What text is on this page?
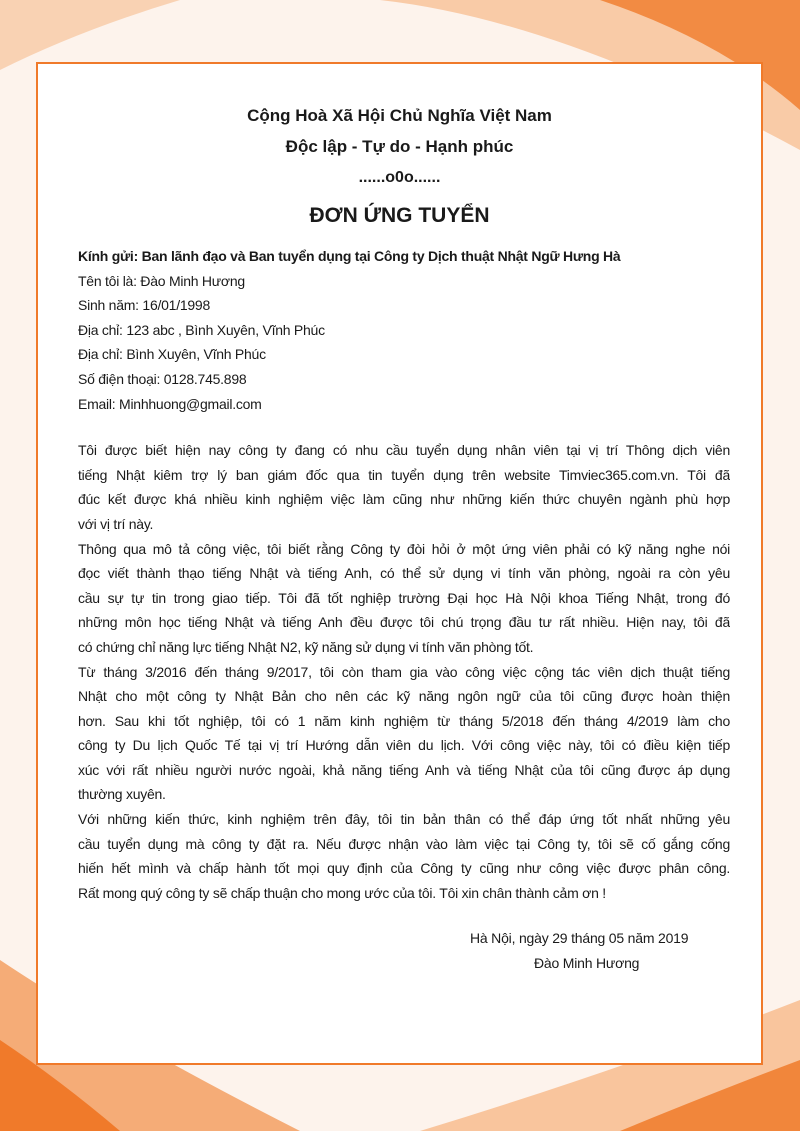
Cộng Hoà Xã Hội Chủ Nghĩa Việt Nam
Độc lập - Tự do - Hạnh phúc
......o0o......
ĐƠN ỨNG TUYỂN
Kính gửi: Ban lãnh đạo và Ban tuyển dụng tại Công ty Dịch thuật Nhật Ngữ Hưng Hà
Tên tôi là: Đào Minh Hương
Sinh năm: 16/01/1998
Địa chỉ: 123 abc , Bình Xuyên, Vĩnh Phúc
Địa chỉ: Bình Xuyên, Vĩnh Phúc
Số điện thoại: 0128.745.898
Email: Minhhuong@gmail.com
Tôi được biết hiện nay công ty đang có nhu cầu tuyển dụng nhân viên tại vị trí Thông dịch viên
tiếng Nhật kiêm trợ lý ban giám đốc qua tin tuyển dụng trên website Timviec365.com.vn. Tôi đã
đúc kết được khá nhiều kinh nghiệm việc làm cũng như những kiến thức chuyên ngành phù hợp
với vị trí này.
Thông qua mô tả công việc, tôi biết rằng Công ty đòi hỏi ở một ứng viên phải có kỹ năng nghe nói
đọc viết thành thạo tiếng Nhật và tiếng Anh, có thể sử dụng vi tính văn phòng, ngoài ra còn yêu
cầu sự tự tin trong giao tiếp. Tôi đã tốt nghiệp trường Đại học Hà Nội khoa Tiếng Nhật, trong đó
những môn học tiếng Nhật và tiếng Anh đều được tôi chú trọng đầu tư rất nhiều. Hiện nay, tôi đã
có chứng chỉ năng lực tiếng Nhật N2, kỹ năng sử dụng vi tính văn phòng tốt.
Từ tháng 3/2016 đến tháng 9/2017, tôi còn tham gia vào công việc cộng tác viên dịch thuật tiếng
Nhật cho một công ty Nhật Bản cho nên các kỹ năng ngôn ngữ của tôi cũng được hoàn thiện
hơn. Sau khi tốt nghiệp, tôi có 1 năm kinh nghiệm từ tháng 5/2018 đến tháng 4/2019 làm cho
công ty Du lịch Quốc Tế tại vị trí Hướng dẫn viên du lịch. Với công việc này, tôi có điều kiện tiếp
xúc với rất nhiều người nước ngoài, khả năng tiếng Anh và tiếng Nhật của tôi cũng được áp dụng
thường xuyên.
Với những kiến thức, kinh nghiệm trên đây, tôi tin bản thân có thể đáp ứng tốt nhất những yêu
cầu tuyển dụng mà công ty đặt ra. Nếu được nhận vào làm việc tại Công ty, tôi sẽ cố gắng cống
hiến hết mình và chấp hành tốt mọi quy định của Công ty cũng như công việc được phân công.
Rất mong quý công ty sẽ chấp thuận cho mong ước của tôi. Tôi xin chân thành cảm ơn !
Hà Nội, ngày 29 tháng 05 năm 2019
Đào Minh Hương
